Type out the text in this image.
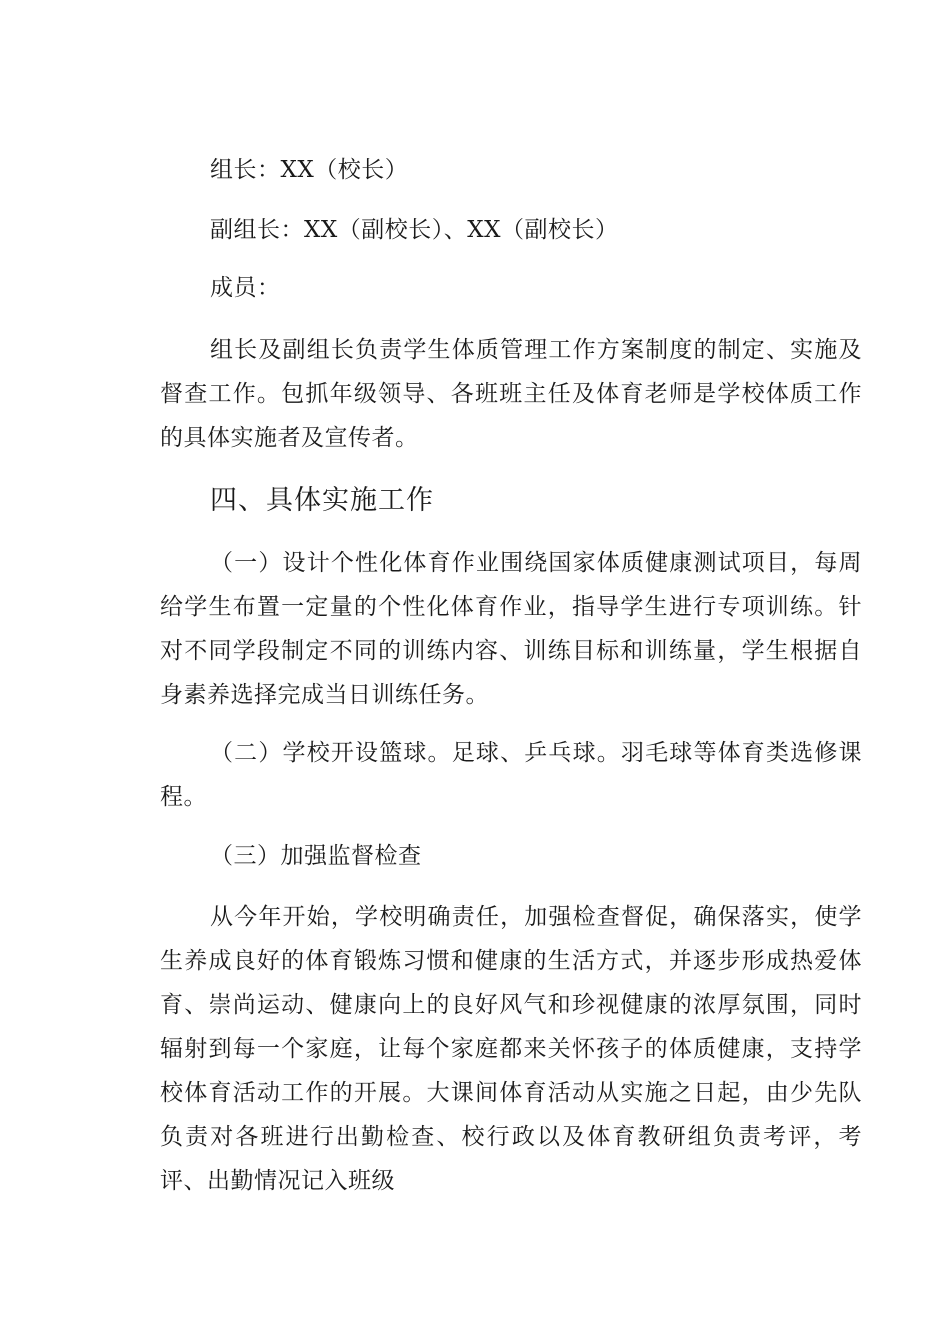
组长：XX（校长）
副组长：XX（副校长）、XX（副校长）
成员：
组长及副组长负责学生体质管理工作方案制度的制定、实施及督查工作。包抓年级领导、各班班主任及体育老师是学校体质工作的具体实施者及宣传者。
四、具体实施工作
（一）设计个性化体育作业围绕国家体质健康测试项目，每周给学生布置一定量的个性化体育作业，指导学生进行专项训练。针对不同学段制定不同的训练内容、训练目标和训练量，学生根据自身素养选择完成当日训练任务。
（二）学校开设篮球。足球、乒乓球。羽毛球等体育类选修课程。
（三）加强监督检查
从今年开始，学校明确责任，加强检查督促，确保落实，使学生养成良好的体育锻炼习惯和健康的生活方式，并逐步形成热爱体育、崇尚运动、健康向上的良好风气和珍视健康的浓厚氛围，同时辐射到每一个家庭，让每个家庭都来关怀孩子的体质健康，支持学校体育活动工作的开展。大课间体育活动从实施之日起，由少先队负责对各班进行出勤检查、校行政以及体育教研组负责考评，考评、出勤情况记入班级
